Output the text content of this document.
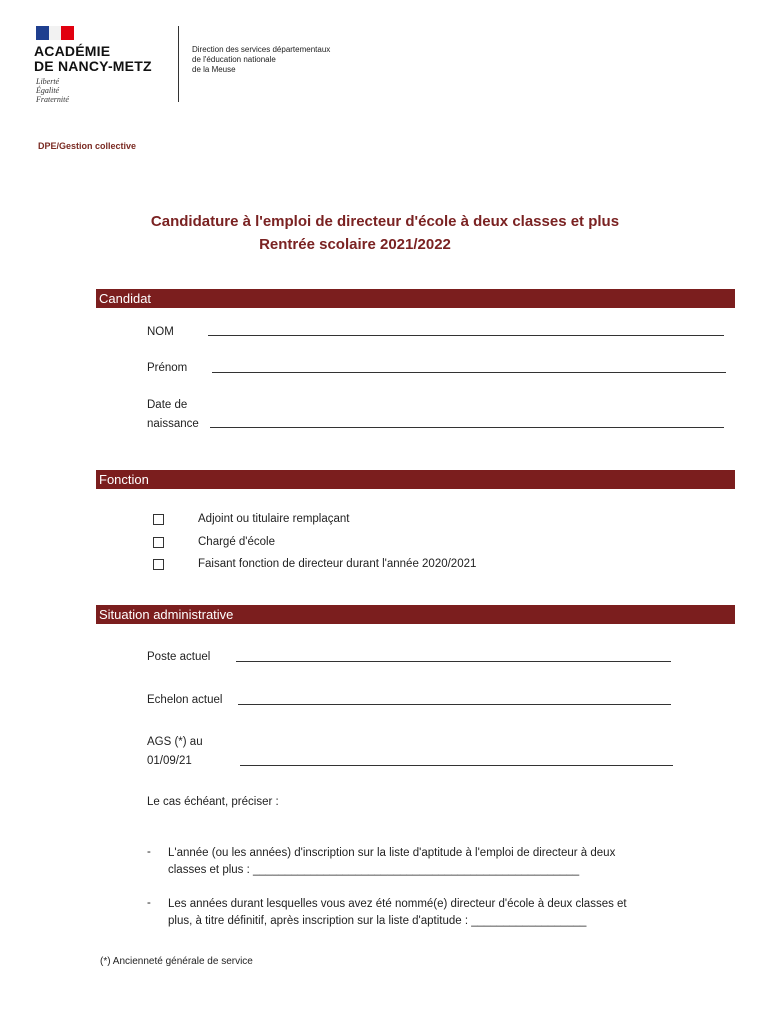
ACADÉMIE
DE NANCY-METZ
Liberté
Égalité
Fraternité
Direction des services départementaux
de l'éducation nationale
de la Meuse
DPE/Gestion collective
Candidature à l'emploi de directeur d'école à deux classes et plus
Rentrée scolaire 2021/2022
Candidat
NOM
Prénom
Date de
naissance
Fonction
Adjoint ou titulaire remplaçant
Chargé d'école
Faisant fonction de directeur durant l'année 2020/2021
Situation administrative
Poste actuel
Echelon actuel
AGS (*) au
01/09/21
Le cas échéant, préciser :
- L'année (ou les années) d'inscription sur la liste d'aptitude à l'emploi de directeur à deux
classes et plus : ___________________________________________________
- Les années durant lesquelles vous avez été nommé(e) directeur d'école à deux classes et
plus, à titre définitif, après inscription sur la liste d'aptitude : __________________
(*) Ancienneté générale de service
